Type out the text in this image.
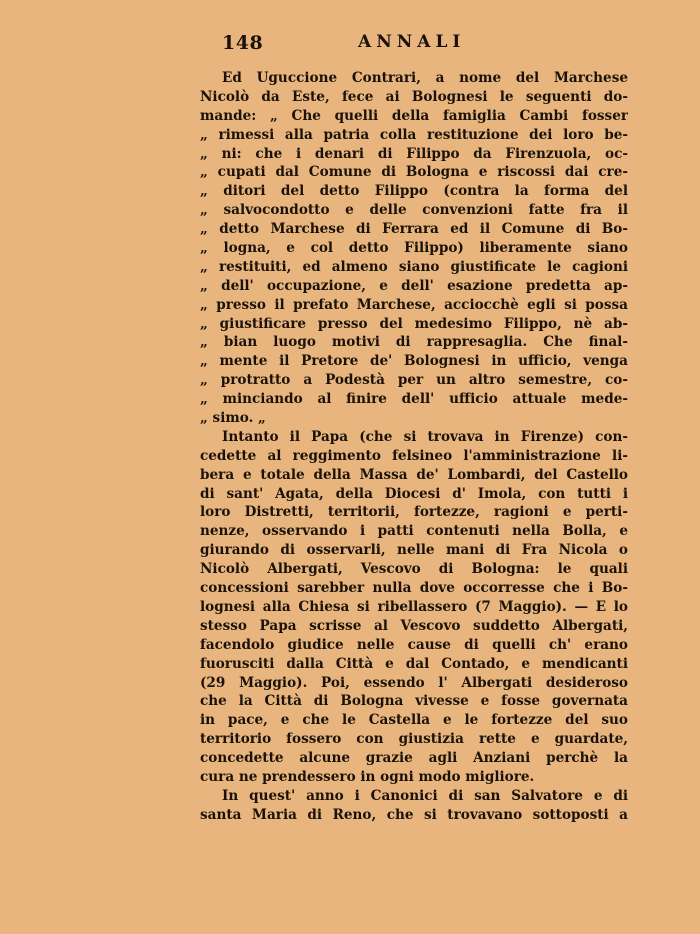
148	ANNALI
Ed Uguccione Contrari, a nome del Marchese
Nicolò da Este, fece ai Bolognesi le seguenti do-
mande: „ Che quelli della famiglia Cambi fosser
„ rimessi alla patria colla restituzione dei loro be-
„ ni: che i denari di Filippo da Firenzuola, oc-
„ cupati dal Comune di Bologna e riscossi dai cre-
„ ditori del detto Filippo (contra la forma del
„ salvocondotto e delle convenzioni fatte fra il
„ detto Marchese di Ferrara ed il Comune di Bo-
„ logna, e col detto Filippo) liberamente siano
„ restituiti, ed almeno siano giustificate le cagioni
„ dell' occupazione, e dell' esazione predetta ap-
„ presso il prefato Marchese, acciocchè egli si possa
„ giustificare presso del medesimo Filippo, nè ab-
„ bian luogo motivi di rappresaglia. Che final-
„ mente il Pretore de' Bolognesi in ufficio, venga
„ protratto a Podestà per un altro semestre, co-
„ minciando al finire dell' ufficio attuale mede-
„ simo. „
Intanto il Papa (che si trovava in Firenze) con-
cedette al reggimento felsineo l'amministrazione li-
bera e totale della Massa de' Lombardi, del Castello
di sant' Agata, della Diocesi d' Imola, con tutti i
loro Distretti, territorii, fortezze, ragioni e perti-
nenze, osservando i patti contenuti nella Bolla, e
giurando di osservarli, nelle mani di Fra Nicola o
Nicolò Albergati, Vescovo di Bologna: le quali
concessioni sarebber nulla dove occorresse che i Bo-
lognesi alla Chiesa si ribellassero (7 Maggio). — E lo
stesso Papa scrisse al Vescovo suddetto Albergati,
facendolo giudice nelle cause di quelli ch' erano
fuorusciti dalla Città e dal Contado, e mendicanti
(29 Maggio). Poi, essendo l' Albergati desideroso
che la Città di Bologna vivesse e fosse governata
in pace, e che le Castella e le fortezze del suo
territorio fossero con giustizia rette e guardate,
concedette alcune grazie agli Anziani perchè la
cura ne prendessero in ogni modo migliore.
In quest' anno i Canonici di san Salvatore e di
santa Maria di Reno, che si trovavano sottoposti a
